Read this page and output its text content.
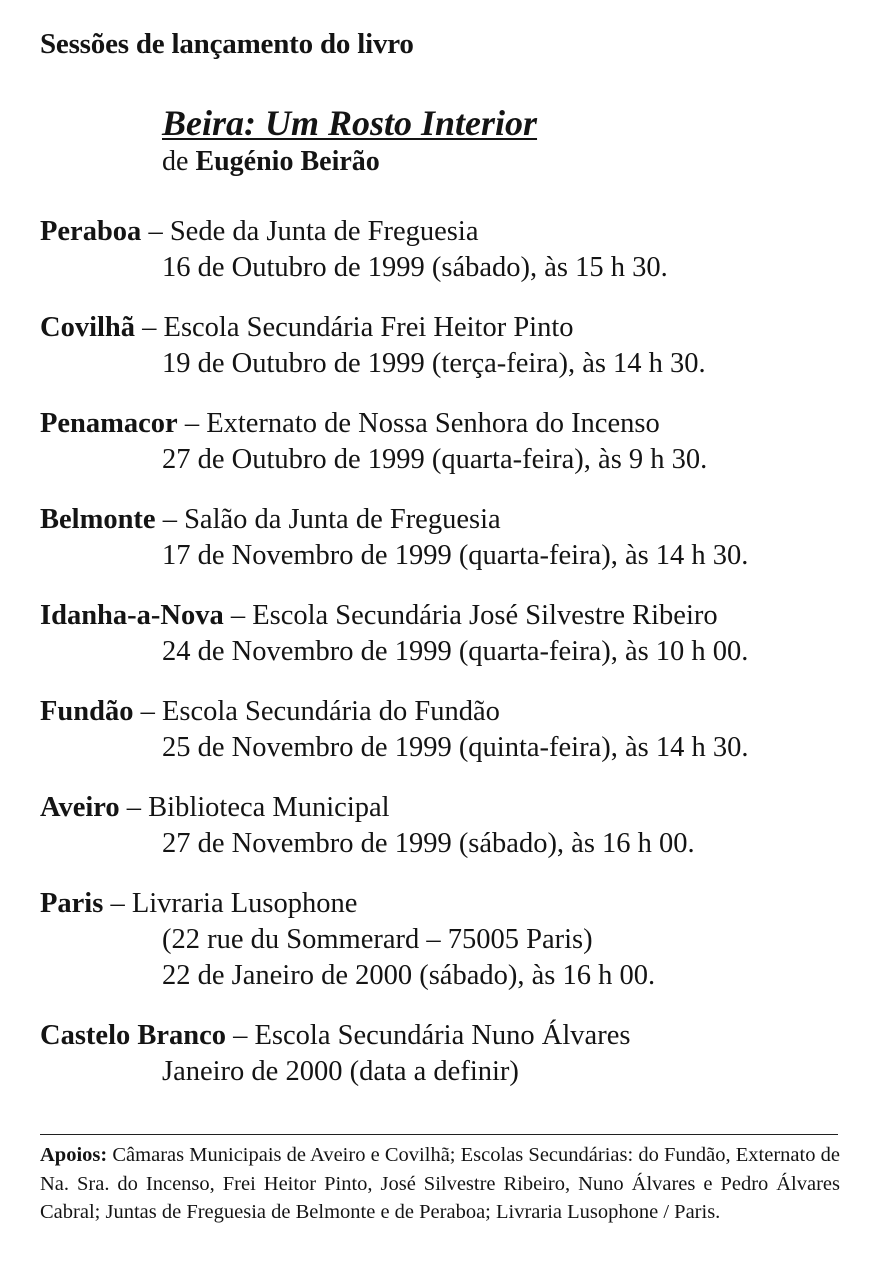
Sessões de lançamento do livro
Beira: Um Rosto Interior
de Eugénio Beirão
Peraboa – Sede da Junta de Freguesia
16 de Outubro de 1999 (sábado), às 15 h 30.
Covilhã – Escola Secundária Frei Heitor Pinto
19 de Outubro de 1999 (terça-feira), às 14 h 30.
Penamacor – Externato de Nossa Senhora do Incenso
27 de Outubro de 1999 (quarta-feira), às 9 h 30.
Belmonte – Salão da Junta de Freguesia
17 de Novembro de 1999 (quarta-feira), às 14 h 30.
Idanha-a-Nova – Escola Secundária José Silvestre Ribeiro
24 de Novembro de 1999 (quarta-feira), às 10 h 00.
Fundão – Escola Secundária do Fundão
25 de Novembro de 1999 (quinta-feira), às 14 h 30.
Aveiro – Biblioteca Municipal
27 de Novembro de 1999 (sábado), às 16 h 00.
Paris – Livraria Lusophone
(22 rue du Sommerard – 75005 Paris)
22 de Janeiro de 2000 (sábado), às 16 h 00.
Castelo Branco – Escola Secundária Nuno Álvares
Janeiro de 2000 (data a definir)
Apoios: Câmaras Municipais de Aveiro e Covilhã; Escolas Secundárias: do Fundão, Externato de Na. Sra. do Incenso, Frei Heitor Pinto, José Silvestre Ribeiro, Nuno Álvares e Pedro Álvares Cabral; Juntas de Freguesia de Belmonte e de Peraboa; Livraria Lusophone / Paris.
